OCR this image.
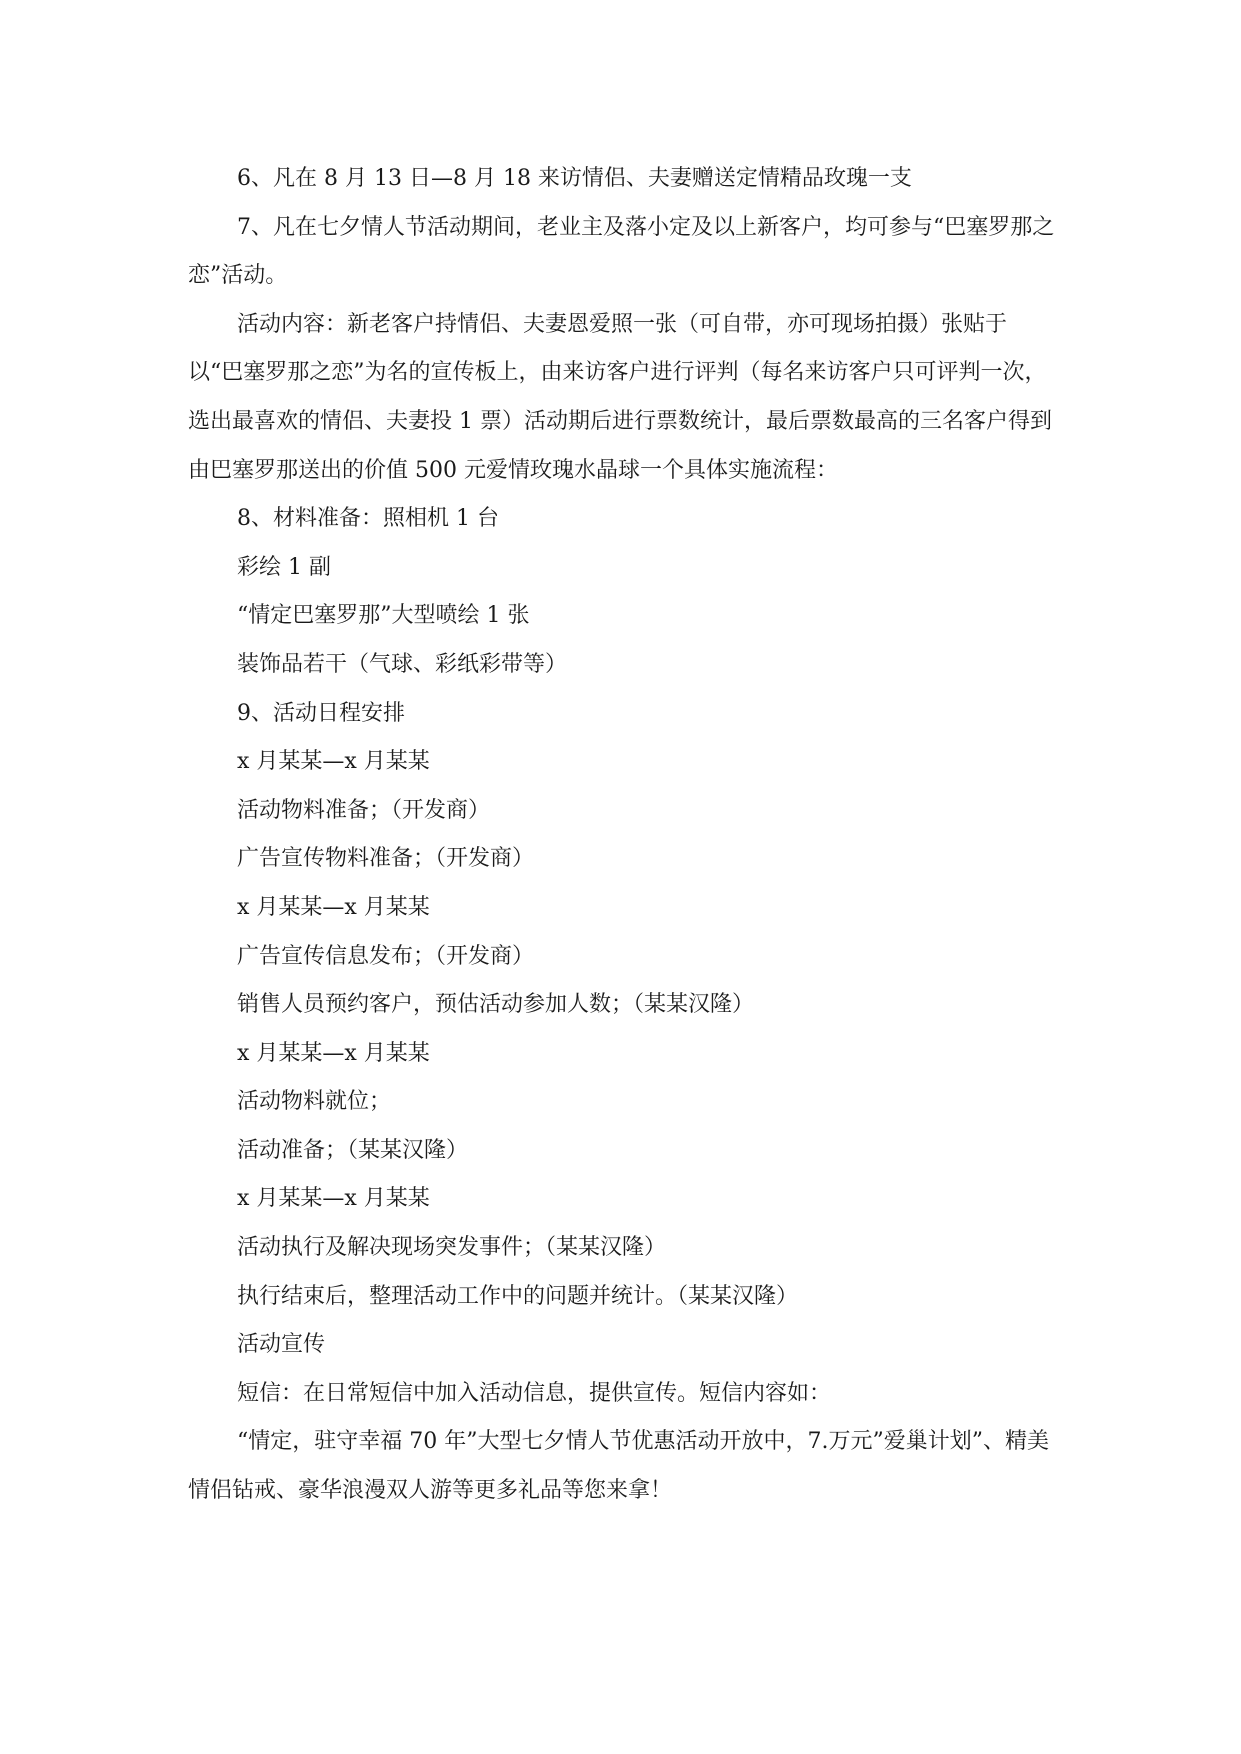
6、凡在 8 月 13 日—8 月 18 来访情侣、夫妻赠送定情精品玫瑰一支

7、凡在七夕情人节活动期间，老业主及落小定及以上新客户，均可参与“巴塞罗那之恋”活动。

活动内容：新老客户持情侣、夫妻恩爱照一张（可自带，亦可现场拍摄）张贴于以“巴塞罗那之恋”为名的宣传板上，由来访客户进行评判（每名来访客户只可评判一次，选出最喜欢的情侣、夫妻投 1 票）活动期后进行票数统计，最后票数最高的三名客户得到由巴塞罗那送出的价值 500 元爱情玫瑰水晶球一个具体实施流程：

8、材料准备：照相机 1 台

彩绘 1 副

“情定巴塞罗那”大型喷绘 1 张

装饰品若干（气球、彩纸彩带等）

9、活动日程安排

x 月某某—x 月某某

活动物料准备；（开发商）

广告宣传物料准备；（开发商）

x 月某某—x 月某某

广告宣传信息发布；（开发商）

销售人员预约客户，预估活动参加人数；（某某汉隆）

x 月某某—x 月某某

活动物料就位；

活动准备；（某某汉隆）

x 月某某—x 月某某

活动执行及解决现场突发事件；（某某汉隆）

执行结束后，整理活动工作中的问题并统计。（某某汉隆）

活动宣传

短信：在日常短信中加入活动信息，提供宣传。短信内容如：

“情定，驻守幸福 70 年”大型七夕情人节优惠活动开放中，7.万元”爱巢计划”、精美情侣钻戒、豪华浪漫双人游等更多礼品等您来拿！
